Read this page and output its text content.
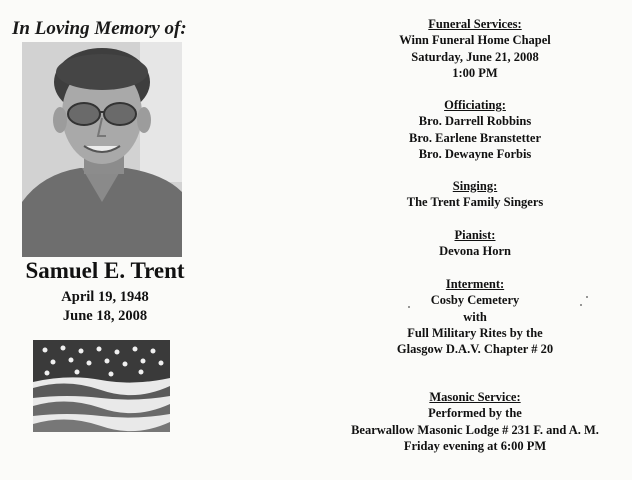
In Loving Memory of:
Samuel E. Trent
April 19, 1948
June 18, 2008
Funeral Services:
Winn Funeral Home Chapel
Saturday, June 21, 2008
1:00 PM
Officiating:
Bro. Darrell Robbins
Bro. Earlene Branstetter
Bro. Dewayne Forbis
Singing:
The Trent Family Singers
Pianist:
Devona Horn
Interment:
Cosby Cemetery
with
Full Military Rites by the
Glasgow D.A.V. Chapter # 20
Masonic Service:
Performed by the
Bearwallow Masonic Lodge # 231 F. and A. M.
Friday evening at 6:00 PM
